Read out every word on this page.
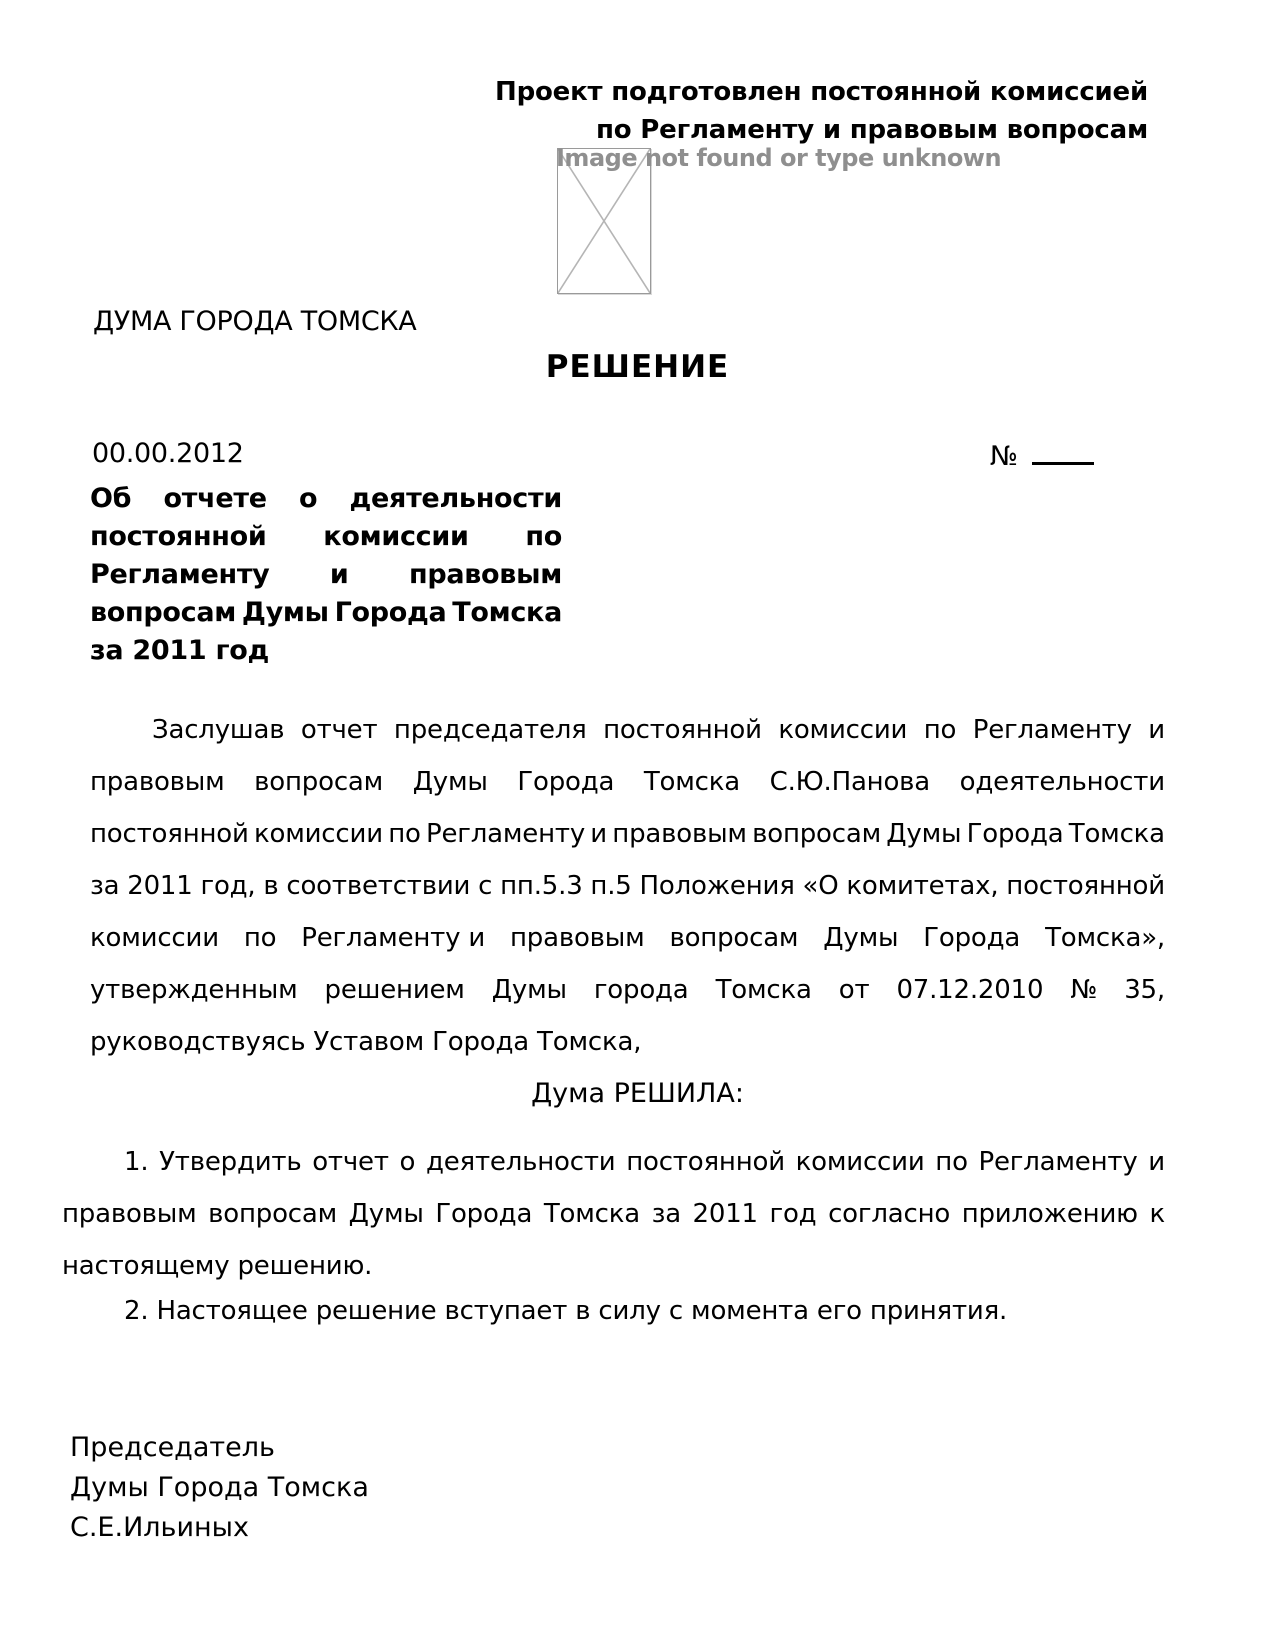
Проект подготовлен постоянной комиссией
по Регламенту и правовым вопросам
Image not found or type unknown
ДУМА ГОРОДА ТОМСКА
РЕШЕНИЕ
00.00.2012	№
Об отчете о деятельности
постоянной комиссии по
Регламенту и правовым
вопросам Думы Города Томска
за 2011 год
Заслушав отчет председателя постоянной комиссии по Регламенту и
правовым вопросам Думы Города Томска С.Ю.Панова одеятельности
постоянной комиссии по Регламенту и правовым вопросам Думы Города Томска
за 2011 год, в соответствии с пп.5.3 п.5 Положения «О комитетах, постоянной
комиссии по Регламенту и правовым вопросам Думы Города Томска»,
утвержденным решением Думы города Томска от 07.12.2010 № 35,
руководствуясь Уставом Города Томска,
Дума РЕШИЛА:
1. Утвердить отчет о деятельности постоянной комиссии по Регламенту и
правовым вопросам Думы Города Томска за 2011 год согласно приложению к
настоящему решению.
2. Настоящее решение вступает в силу с момента его принятия.
Председатель
Думы Города Томска
С.Е.Ильиных
